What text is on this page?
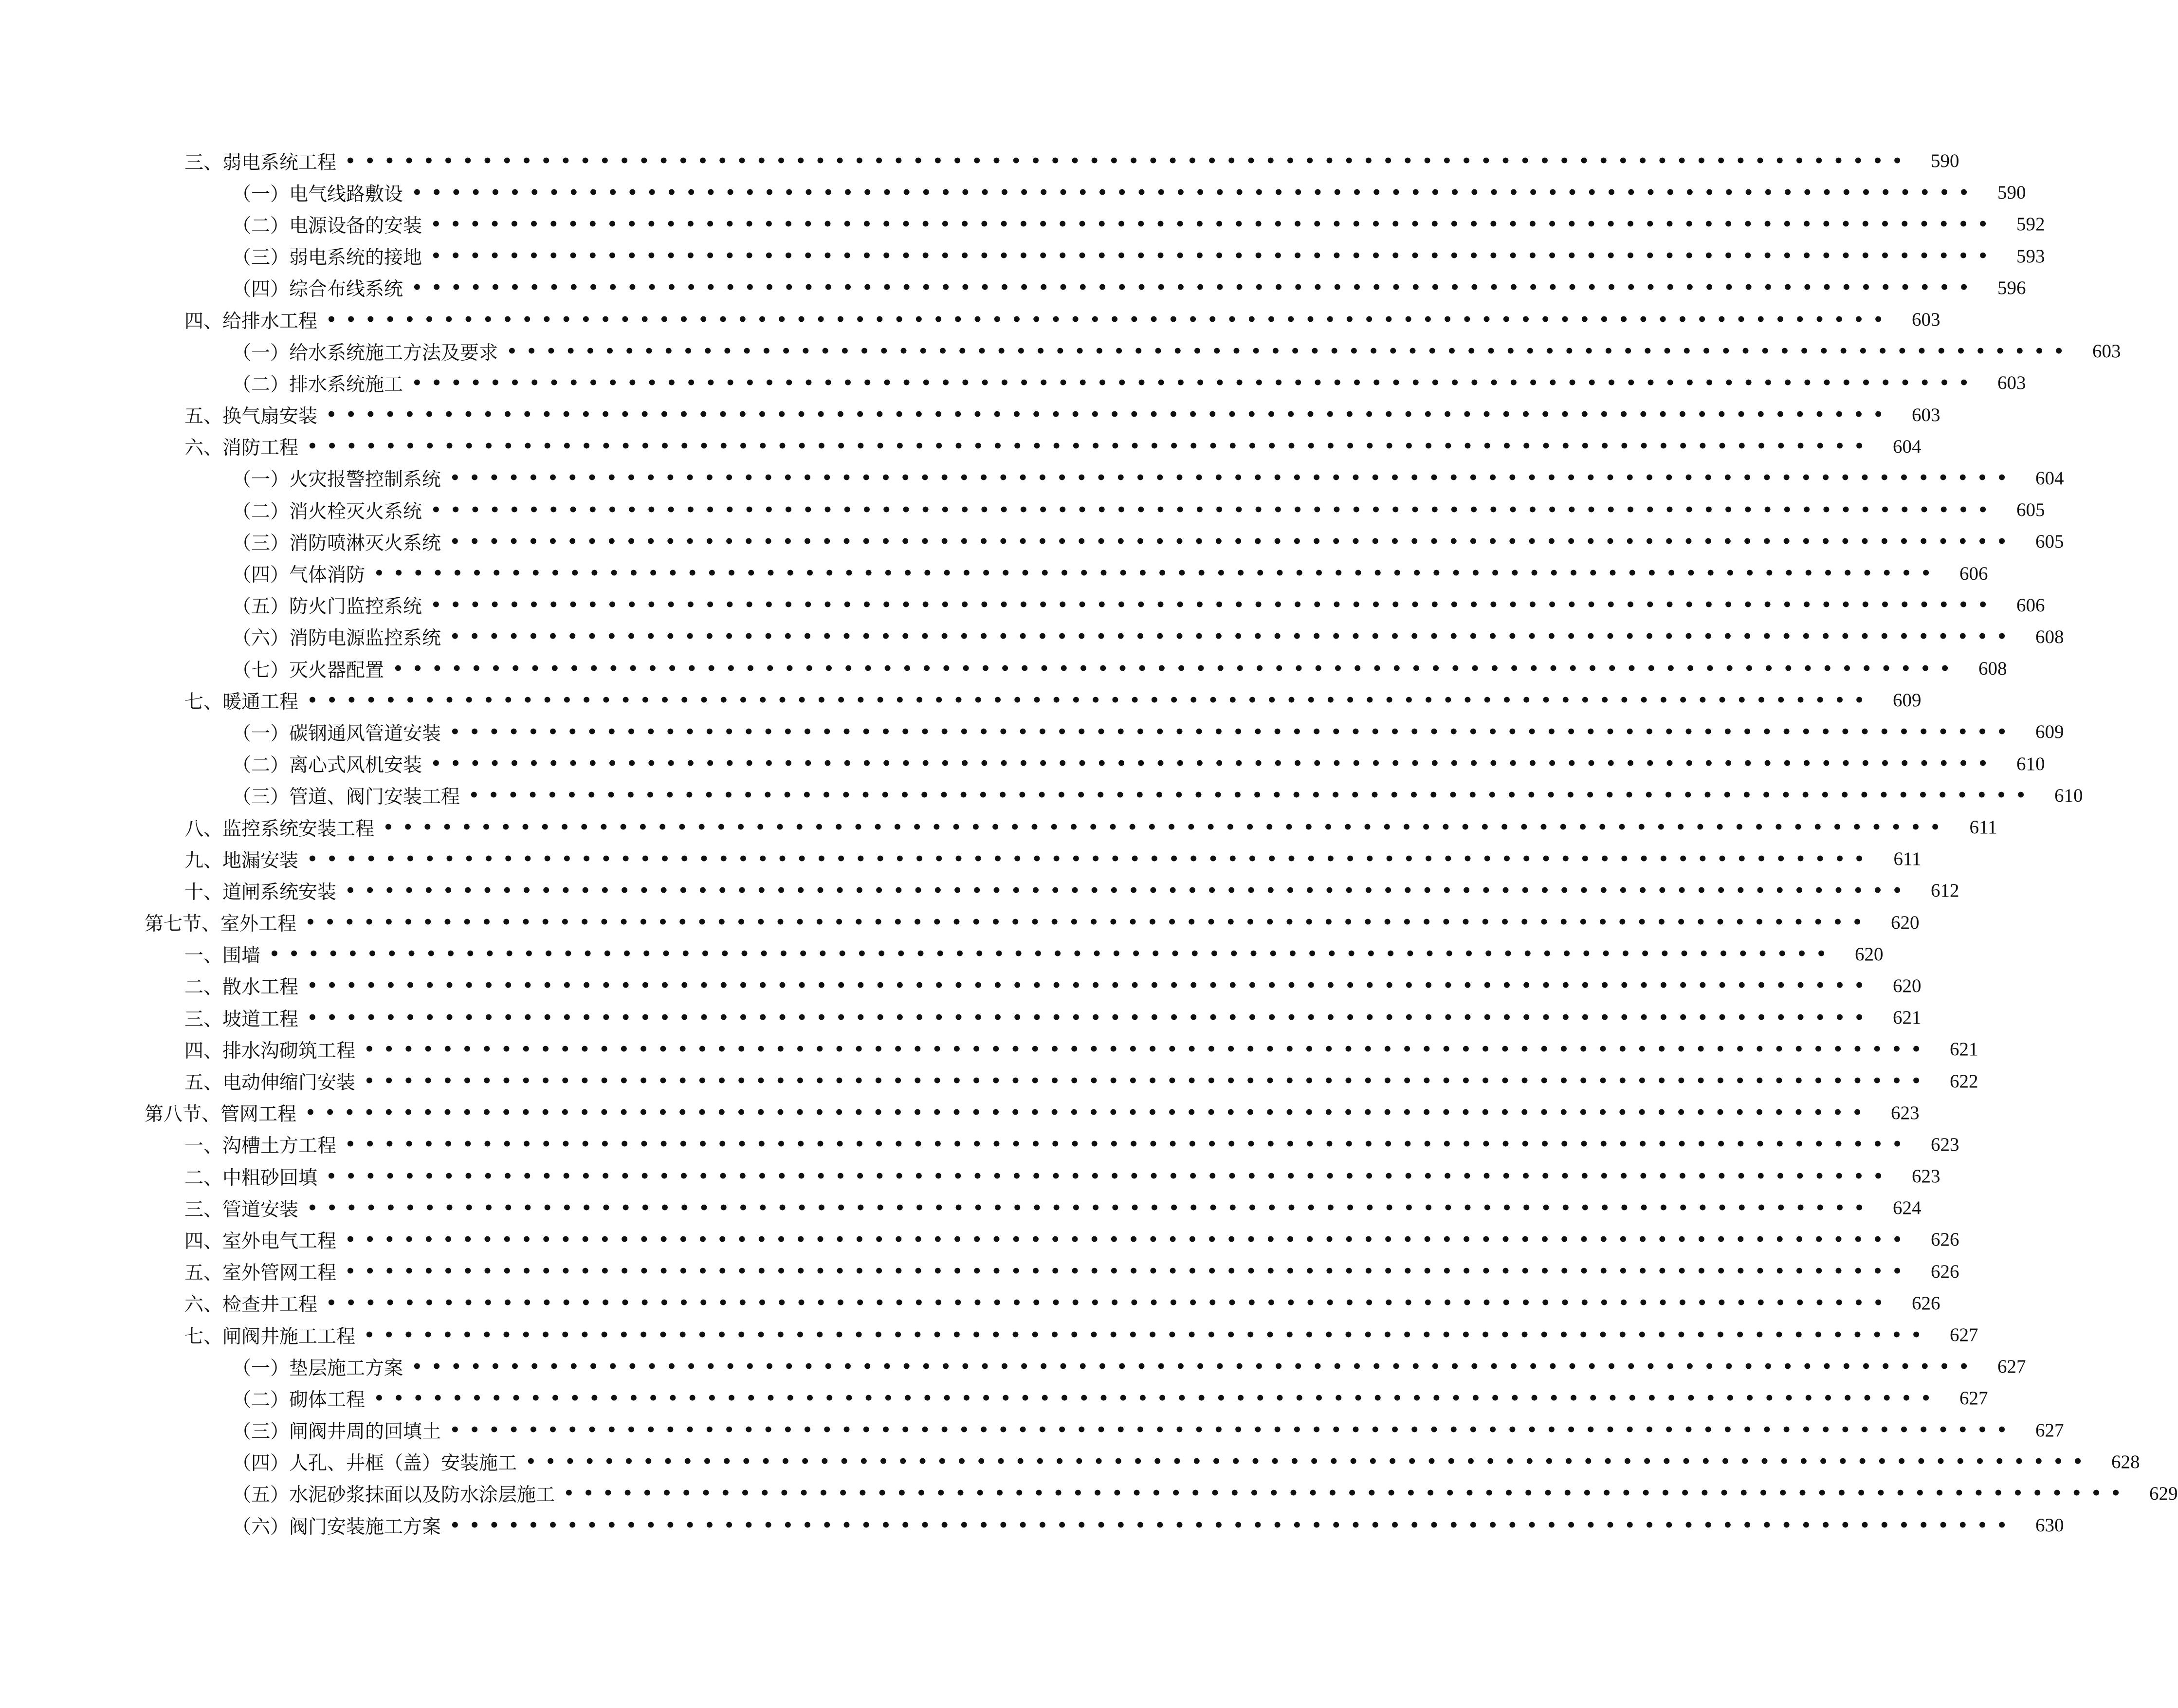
三、弱电系统工程 ••••••••••••••••••••••••••••••••••••••••••••••••••••••••••••••••••••••••••••••••	590
（一）电气线路敷设 ••••••••••••••••••••••••••••••••••••••••••••••••••••••••••••••••••••••••••••••••	590
（二）电源设备的安装 ••••••••••••••••••••••••••••••••••••••••••••••••••••••••••••••••••••••••••••••••	592
（三）弱电系统的接地 ••••••••••••••••••••••••••••••••••••••••••••••••••••••••••••••••••••••••••••••••	593
（四）综合布线系统 ••••••••••••••••••••••••••••••••••••••••••••••••••••••••••••••••••••••••••••••••	596
四、给排水工程 ••••••••••••••••••••••••••••••••••••••••••••••••••••••••••••••••••••••••••••••••	603
（一）给水系统施工方法及要求 ••••••••••••••••••••••••••••••••••••••••••••••••••••••••••••••••••••••••••••••••	603
（二）排水系统施工 ••••••••••••••••••••••••••••••••••••••••••••••••••••••••••••••••••••••••••••••••	603
五、换气扇安装 ••••••••••••••••••••••••••••••••••••••••••••••••••••••••••••••••••••••••••••••••	603
六、消防工程 ••••••••••••••••••••••••••••••••••••••••••••••••••••••••••••••••••••••••••••••••	604
（一）火灾报警控制系统 ••••••••••••••••••••••••••••••••••••••••••••••••••••••••••••••••••••••••••••••••	604
（二）消火栓灭火系统 ••••••••••••••••••••••••••••••••••••••••••••••••••••••••••••••••••••••••••••••••	605
（三）消防喷淋灭火系统 ••••••••••••••••••••••••••••••••••••••••••••••••••••••••••••••••••••••••••••••••	605
（四）气体消防 ••••••••••••••••••••••••••••••••••••••••••••••••••••••••••••••••••••••••••••••••	606
（五）防火门监控系统 ••••••••••••••••••••••••••••••••••••••••••••••••••••••••••••••••••••••••••••••••	606
（六）消防电源监控系统 ••••••••••••••••••••••••••••••••••••••••••••••••••••••••••••••••••••••••••••••••	608
（七）灭火器配置 ••••••••••••••••••••••••••••••••••••••••••••••••••••••••••••••••••••••••••••••••	608
七、暖通工程 ••••••••••••••••••••••••••••••••••••••••••••••••••••••••••••••••••••••••••••••••	609
（一）碳钢通风管道安装 ••••••••••••••••••••••••••••••••••••••••••••••••••••••••••••••••••••••••••••••••	609
（二）离心式风机安装 ••••••••••••••••••••••••••••••••••••••••••••••••••••••••••••••••••••••••••••••••	610
（三）管道、阀门安装工程 ••••••••••••••••••••••••••••••••••••••••••••••••••••••••••••••••••••••••••••••••	610
八、监控系统安装工程 ••••••••••••••••••••••••••••••••••••••••••••••••••••••••••••••••••••••••••••••••	611
九、地漏安装 ••••••••••••••••••••••••••••••••••••••••••••••••••••••••••••••••••••••••••••••••	611
十、道闸系统安装 ••••••••••••••••••••••••••••••••••••••••••••••••••••••••••••••••••••••••••••••••	612
第七节、室外工程 ••••••••••••••••••••••••••••••••••••••••••••••••••••••••••••••••••••••••••••••••	620
一、围墙 ••••••••••••••••••••••••••••••••••••••••••••••••••••••••••••••••••••••••••••••••	620
二、散水工程 ••••••••••••••••••••••••••••••••••••••••••••••••••••••••••••••••••••••••••••••••	620
三、坡道工程 ••••••••••••••••••••••••••••••••••••••••••••••••••••••••••••••••••••••••••••••••	621
四、排水沟砌筑工程 ••••••••••••••••••••••••••••••••••••••••••••••••••••••••••••••••••••••••••••••••	621
五、电动伸缩门安装 ••••••••••••••••••••••••••••••••••••••••••••••••••••••••••••••••••••••••••••••••	622
第八节、管网工程 ••••••••••••••••••••••••••••••••••••••••••••••••••••••••••••••••••••••••••••••••	623
一、沟槽土方工程 ••••••••••••••••••••••••••••••••••••••••••••••••••••••••••••••••••••••••••••••••	623
二、中粗砂回填 ••••••••••••••••••••••••••••••••••••••••••••••••••••••••••••••••••••••••••••••••	623
三、管道安装 ••••••••••••••••••••••••••••••••••••••••••••••••••••••••••••••••••••••••••••••••	624
四、室外电气工程 ••••••••••••••••••••••••••••••••••••••••••••••••••••••••••••••••••••••••••••••••	626
五、室外管网工程 ••••••••••••••••••••••••••••••••••••••••••••••••••••••••••••••••••••••••••••••••	626
六、检查井工程 ••••••••••••••••••••••••••••••••••••••••••••••••••••••••••••••••••••••••••••••••	626
七、闸阀井施工工程 ••••••••••••••••••••••••••••••••••••••••••••••••••••••••••••••••••••••••••••••••	627
（一）垫层施工方案 ••••••••••••••••••••••••••••••••••••••••••••••••••••••••••••••••••••••••••••••••	627
（二）砌体工程 ••••••••••••••••••••••••••••••••••••••••••••••••••••••••••••••••••••••••••••••••	627
（三）闸阀井周的回填土 ••••••••••••••••••••••••••••••••••••••••••••••••••••••••••••••••••••••••••••••••	627
（四）人孔、井框（盖）安装施工 ••••••••••••••••••••••••••••••••••••••••••••••••••••••••••••••••••••••••••••••••	628
（五）水泥砂浆抹面以及防水涂层施工 ••••••••••••••••••••••••••••••••••••••••••••••••••••••••••••••••••••••••••••••••	629
（六）阀门安装施工方案 ••••••••••••••••••••••••••••••••••••••••••••••••••••••••••••••••••••••••••••••••	630
